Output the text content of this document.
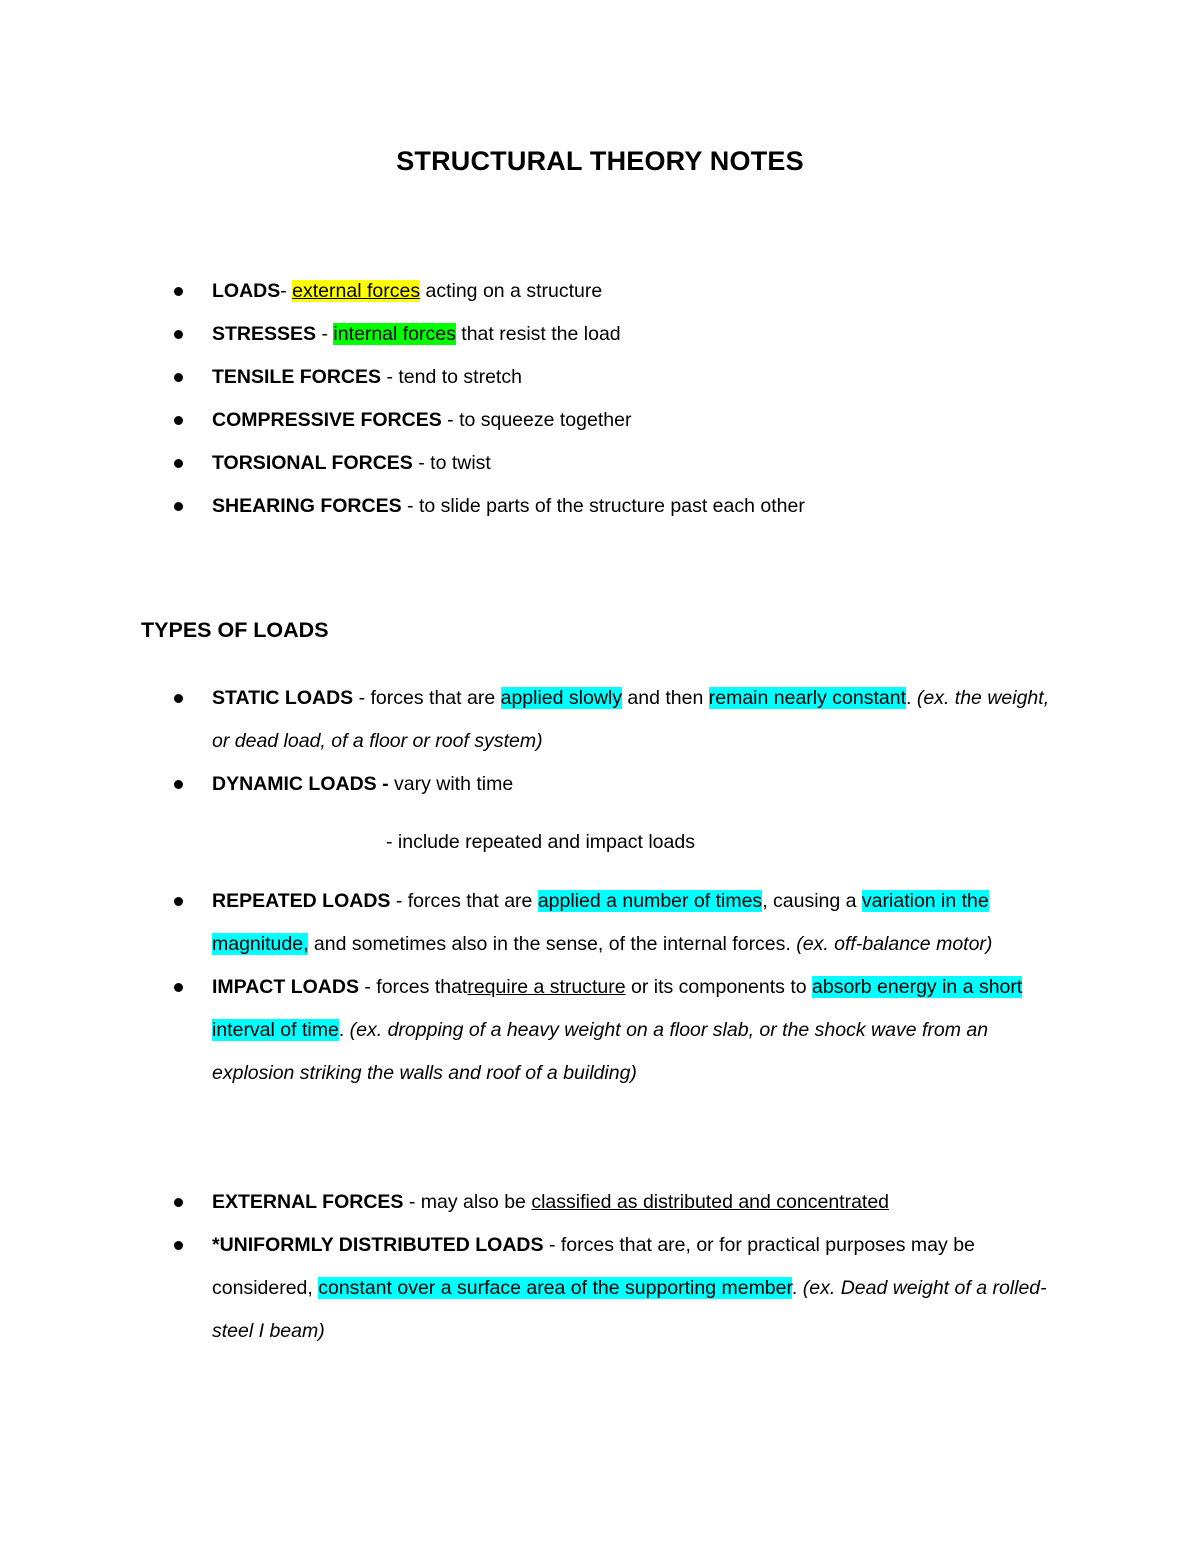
STRUCTURAL THEORY NOTES
LOADS- external forces acting on a structure
STRESSES - internal forces that resist the load
TENSILE FORCES - tend to stretch
COMPRESSIVE FORCES - to squeeze together
TORSIONAL FORCES - to twist
SHEARING FORCES - to slide parts of the structure past each other
TYPES OF LOADS
STATIC LOADS - forces that are applied slowly and then remain nearly constant. (ex. the weight, or dead load, of a floor or roof system)
DYNAMIC LOADS - vary with time
- include repeated and impact loads
REPEATED LOADS - forces that are applied a number of times, causing a variation in the magnitude, and sometimes also in the sense, of the internal forces. (ex. off-balance motor)
IMPACT LOADS - forces thatrequire a structure or its components to absorb energy in a short interval of time. (ex. dropping of a heavy weight on a floor slab, or the shock wave from an explosion striking the walls and roof of a building)
EXTERNAL FORCES - may also be classified as distributed and concentrated
*UNIFORMLY DISTRIBUTED LOADS - forces that are, or for practical purposes may be considered, constant over a surface area of the supporting member. (ex. Dead weight of a rolled-steel I beam)
